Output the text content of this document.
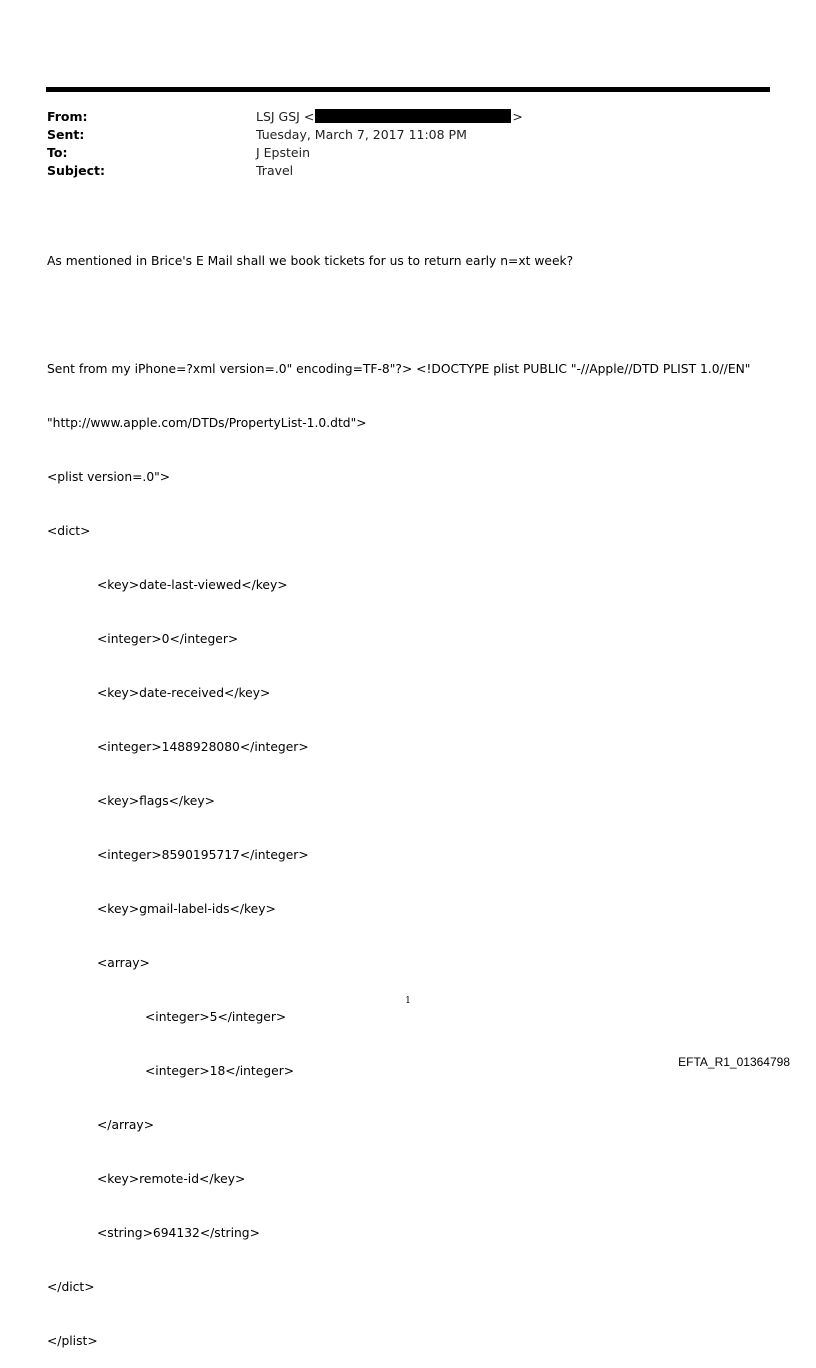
From:	LSJ GSJ <	>
Sent:	Tuesday, March 7, 2017 11:08 PM
To:	J Epstein
Subject:	Travel

As mentioned in Brice's E Mail shall we book tickets for us to return early n=xt week?

Sent from my iPhone=?xml version=.0" encoding=TF-8"?> <!DOCTYPE plist PUBLIC "-//Apple//DTD PLIST 1.0//EN"

"http://www.apple.com/DTDs/PropertyList-1.0.dtd">

<plist version=.0">

<dict>

<key>date-last-viewed</key>

<integer>0</integer>

<key>date-received</key>

<integer>1488928080</integer>

<key>flags</key>

<integer>8590195717</integer>

<key>gmail-label-ids</key>

<array>

<integer>5</integer>

<integer>18</integer>

</array>

<key>remote-id</key>

<string>694132</string>

</dict>

</plist>

1
EFTA_R1_01364798
